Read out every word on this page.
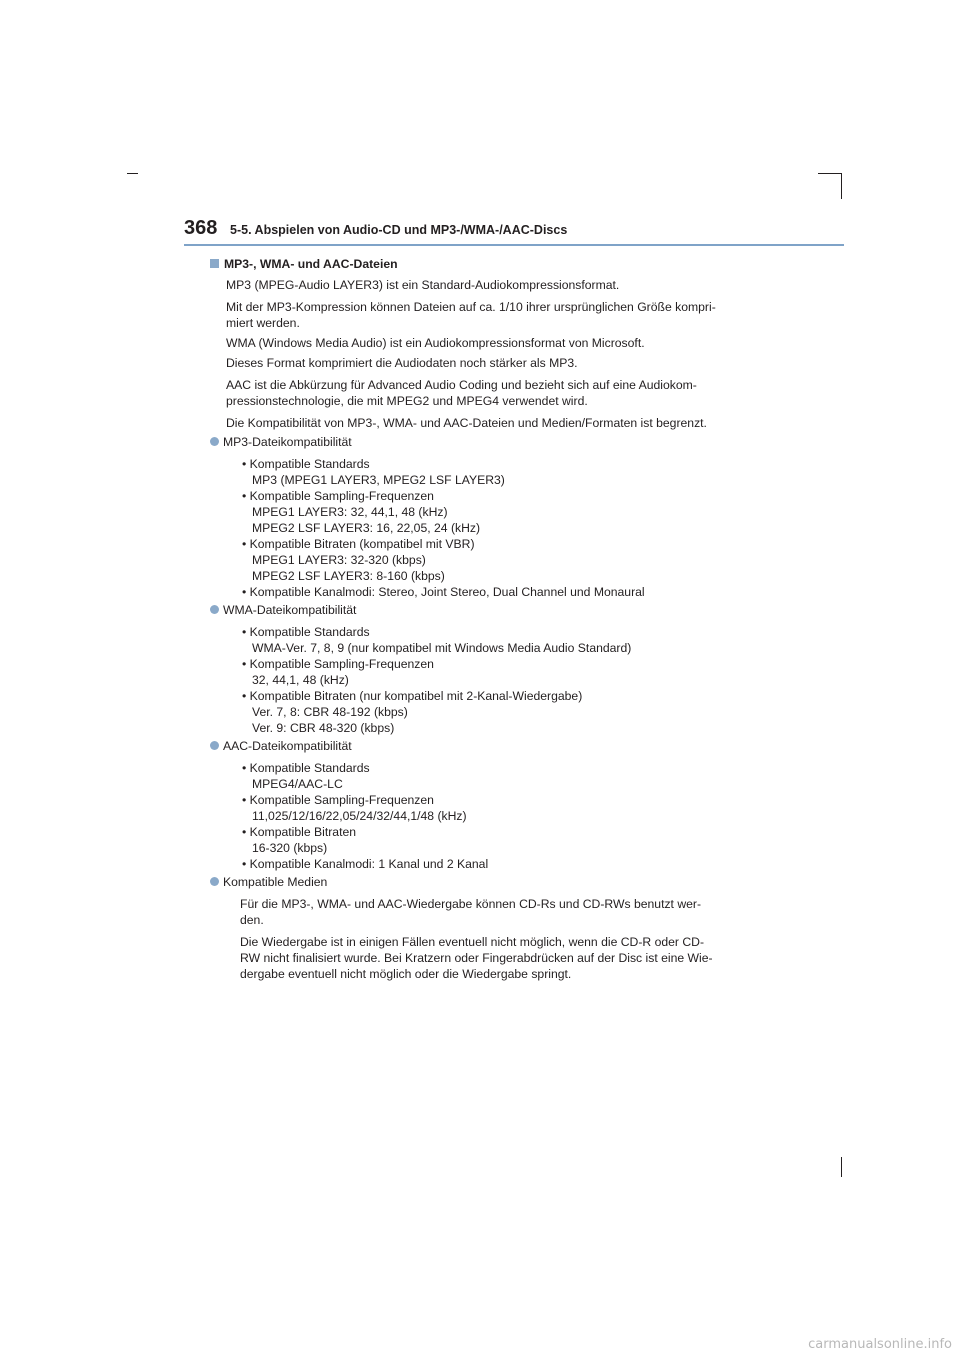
368 5-5. Abspielen von Audio-CD und MP3-/WMA-/AAC-Discs
MP3-, WMA- und AAC-Dateien
MP3 (MPEG-Audio LAYER3) ist ein Standard-Audiokompressionsformat.
Mit der MP3-Kompression können Dateien auf ca. 1/10 ihrer ursprünglichen Größe kompri-
miert werden.
WMA (Windows Media Audio) ist ein Audiokompressionsformat von Microsoft.
Dieses Format komprimiert die Audiodaten noch stärker als MP3.
AAC ist die Abkürzung für Advanced Audio Coding und bezieht sich auf eine Audiokom-
pressionstechnologie, die mit MPEG2 und MPEG4 verwendet wird.
Die Kompatibilität von MP3-, WMA- und AAC-Dateien und Medien/Formaten ist begrenzt.
MP3-Dateikompatibilität
• Kompatible Standards
MP3 (MPEG1 LAYER3, MPEG2 LSF LAYER3)
• Kompatible Sampling-Frequenzen
MPEG1 LAYER3: 32, 44,1, 48 (kHz)
MPEG2 LSF LAYER3: 16, 22,05, 24 (kHz)
• Kompatible Bitraten (kompatibel mit VBR)
MPEG1 LAYER3: 32-320 (kbps)
MPEG2 LSF LAYER3: 8-160 (kbps)
• Kompatible Kanalmodi: Stereo, Joint Stereo, Dual Channel und Monaural
WMA-Dateikompatibilität
• Kompatible Standards
WMA-Ver. 7, 8, 9 (nur kompatibel mit Windows Media Audio Standard)
• Kompatible Sampling-Frequenzen
32, 44,1, 48 (kHz)
• Kompatible Bitraten (nur kompatibel mit 2-Kanal-Wiedergabe)
Ver. 7, 8: CBR 48-192 (kbps)
Ver. 9: CBR 48-320 (kbps)
AAC-Dateikompatibilität
• Kompatible Standards
MPEG4/AAC-LC
• Kompatible Sampling-Frequenzen
11,025/12/16/22,05/24/32/44,1/48 (kHz)
• Kompatible Bitraten
16-320 (kbps)
• Kompatible Kanalmodi: 1 Kanal und 2 Kanal
Kompatible Medien
Für die MP3-, WMA- und AAC-Wiedergabe können CD-Rs und CD-RWs benutzt wer-
den.
Die Wiedergabe ist in einigen Fällen eventuell nicht möglich, wenn die CD-R oder CD-
RW nicht finalisiert wurde. Bei Kratzern oder Fingerabdrücken auf der Disc ist eine Wie-
dergabe eventuell nicht möglich oder die Wiedergabe springt.
carmanualsonline.info
